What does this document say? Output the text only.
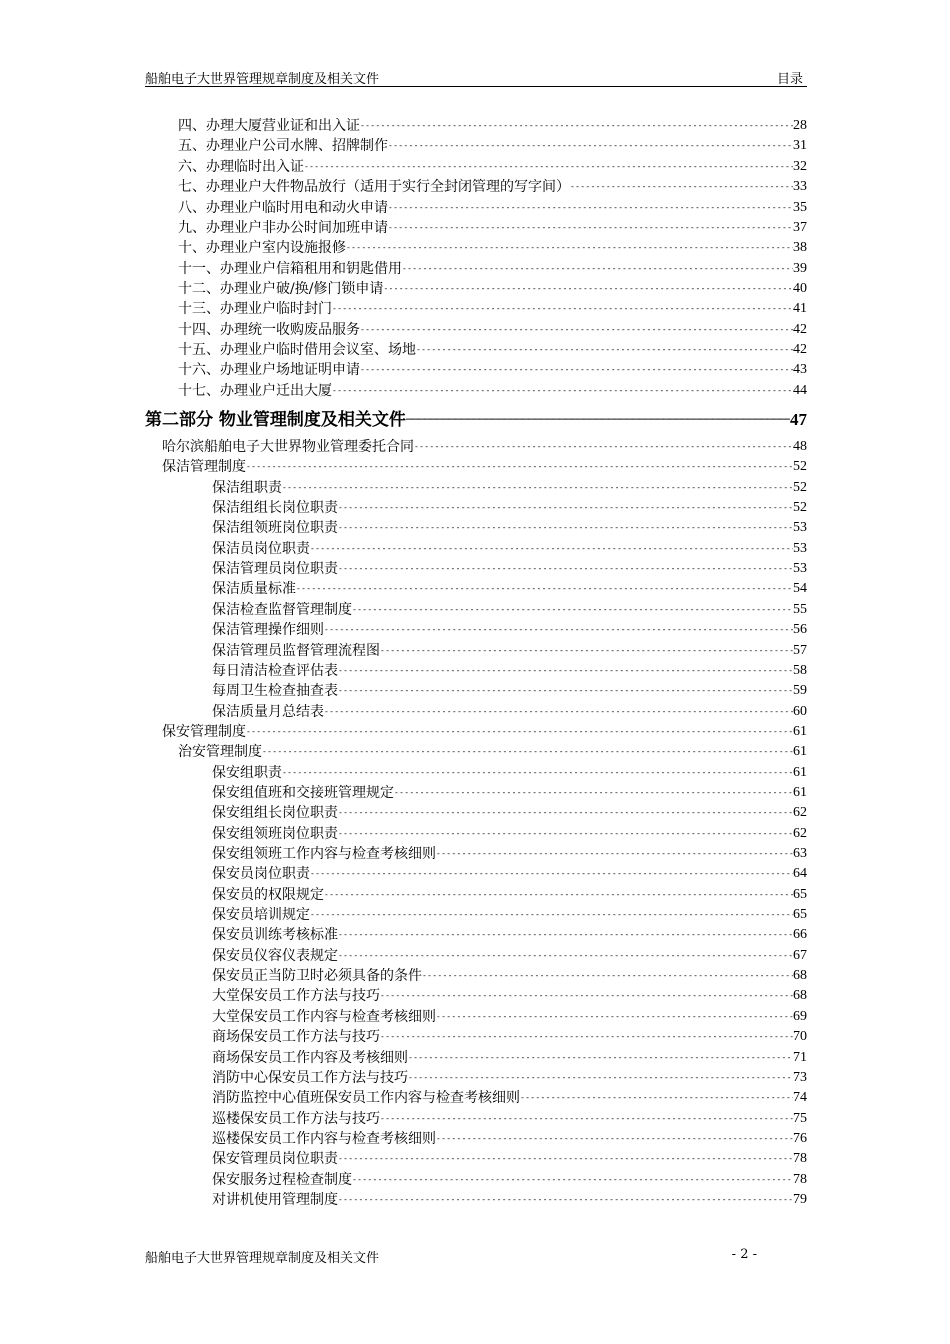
船舶电子大世界管理规章制度及相关文件	目录
四、办理大厦营业证和出入证 -----	28
五、办理业户公司水牌、招牌制作 -----	31
六、办理临时出入证 -----	32
七、办理业户大件物品放行（适用于实行全封闭管理的写字间） -----	33
八、办理业户临时用电和动火申请 -----	35
九、办理业户非办公时间加班申请 -----	37
十、办理业户室内设施报修 -----	38
十一、办理业户信箱租用和钥匙借用 -----	39
十二、办理业户破/换/修门锁申请 -----	40
十三、办理业户临时封门 -----	41
十四、办理统一收购废品服务 -----	42
十五、办理业户临时借用会议室、场地 -----	42
十六、办理业户场地证明申请 -----	43
十七、办理业户迁出大厦 -----	44
第二部分 物业管理制度及相关文件 ─────────────────────────────────────────────────────────────────────────────────────	47
哈尔滨船舶电子大世界物业管理委托合同 -----	48
保洁管理制度 -----	52
保洁组职责 -----	52
保洁组组长岗位职责 -----	52
保洁组领班岗位职责 -----	53
保洁员岗位职责 -----	53
保洁管理员岗位职责 -----	53
保洁质量标准 -----	54
保洁检查监督管理制度 -----	55
保洁管理操作细则 -----	56
保洁管理员监督管理流程图 -----	57
每日清洁检查评估表 -----	58
每周卫生检查抽查表 -----	59
保洁质量月总结表 -----	60
保安管理制度 -----	61
治安管理制度 -----	61
保安组职责 -----	61
保安组值班和交接班管理规定 -----	61
保安组组长岗位职责 -----	62
保安组领班岗位职责 -----	62
保安组领班工作内容与检查考核细则 -----	63
保安员岗位职责 -----	64
保安员的权限规定 -----	65
保安员培训规定 -----	65
保安员训练考核标准 -----	66
保安员仪容仪表规定 -----	67
保安员正当防卫时必须具备的条件 -----	68
大堂保安员工作方法与技巧 -----	68
大堂保安员工作内容与检查考核细则 -----	69
商场保安员工作方法与技巧 -----	70
商场保安员工作内容及考核细则 -----	71
消防中心保安员工作方法与技巧 -----	73
消防监控中心值班保安员工作内容与检查考核细则 -----	74
巡楼保安员工作方法与技巧 -----	75
巡楼保安员工作内容与检查考核细则 -----	76
保安管理员岗位职责 -----	78
保安服务过程检查制度 -----	78
对讲机使用管理制度 -----	79
船舶电子大世界管理规章制度及相关文件	- 2 -
